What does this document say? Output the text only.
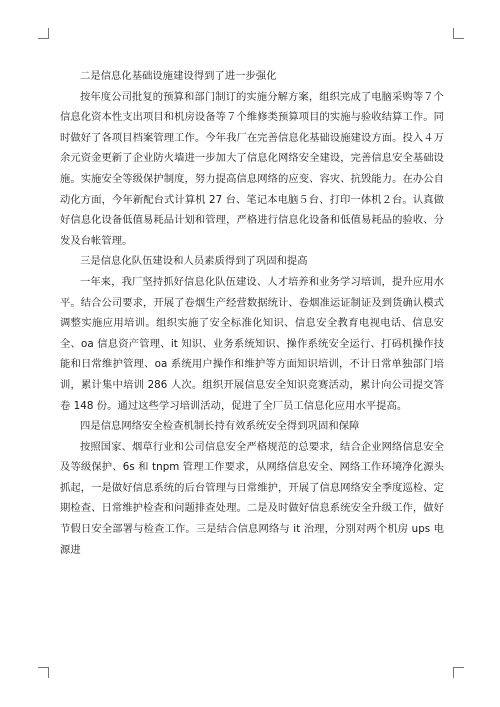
二是信息化基础设施建设得到了进一步强化

按年度公司批复的预算和部门制订的实施分解方案，组织完成了电脑采购等７个信息化资本性支出项目和机房设备等７个维修类预算项目的实施与验收结算工作。同时做好了各项目档案管理工作。今年我厂在完善信息化基础设施建设方面。投入４万余元资金更新了企业防火墙进一步加大了信息化网络安全建设，完善信息安全基础设施。实施安全等级保护制度，努力提高信息网络的应变、容灾、抗毁能力。在办公自动化方面，今年新配台式计算机 27 台、笔记本电脑５台、打印一体机２台。认真做好信息化设备低值易耗品计划和管理，严格进行信息化设备和低值易耗品的验收、分发及台帐管理。

三是信息化队伍建设和人员素质得到了巩固和提高

一年来，我厂坚持抓好信息化队伍建设、人才培养和业务学习培训，提升应用水平。结合公司要求，开展了卷烟生产经营数据统计、卷烟准运证制证及到货确认模式调整实施应用培训。组织实施了安全标准化知识、信息安全教育电视电话、信息安全、oa 信息资产管理、it 知识、业务系统知识、操作系统安全运行、打码机操作技能和日常维护管理、oa 系统用户操作和维护等方面知识培训，不计日常单独部门培训，累计集中培训 286 人次。组织开展信息安全知识竞赛活动，累计向公司提交答卷 148 份。通过这些学习培训活动，促进了全厂员工信息化应用水平提高。

四是信息网络安全检查机制长持有效系统安全得到巩固和保障

按照国家、烟草行业和公司信息安全严格规范的总要求，结合企业网络信息安全及等级保护、6s 和 tnpm 管理工作要求，从网络信息安全、网络工作环境净化源头抓起，一是做好信息系统的后台管理与日常维护，开展了信息网络安全季度巡检、定期检查、日常维护检查和问题排查处理。二是及时做好信息系统安全升级工作，做好节假日安全部署与检查工作。三是结合信息网络与 it 治理，分别对两个机房 ups 电源进
